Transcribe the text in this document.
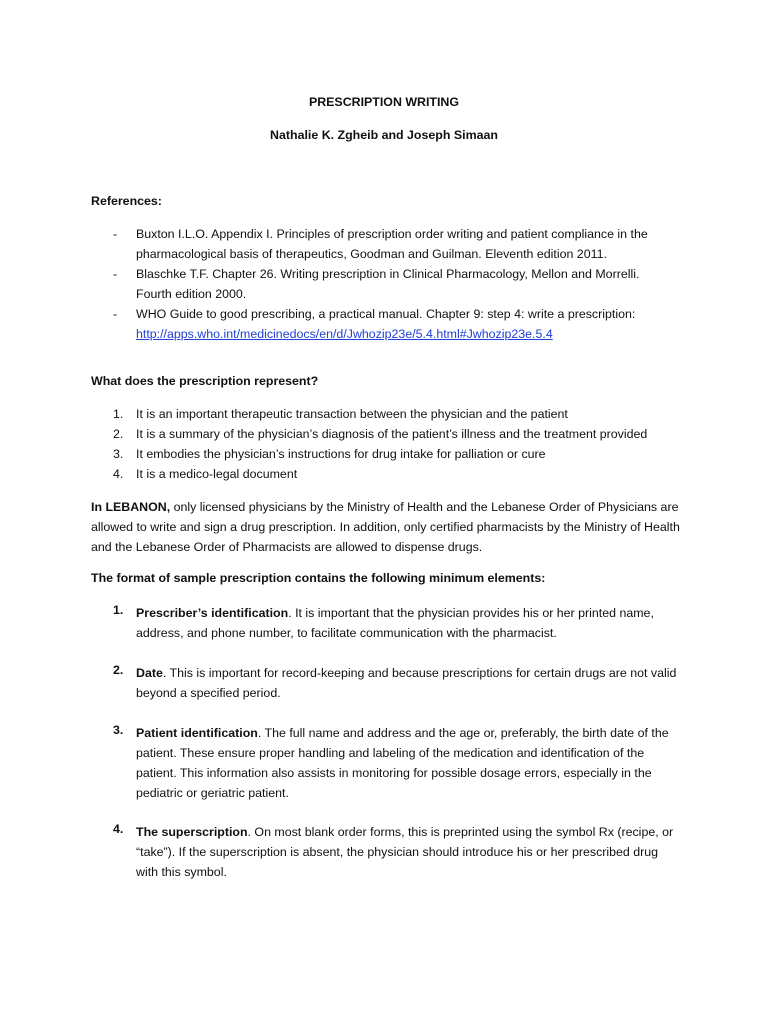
PRESCRIPTION WRITING
Nathalie K. Zgheib and Joseph Simaan
References:
- Buxton I.L.O. Appendix I. Principles of prescription order writing and patient compliance in the pharmacological basis of therapeutics, Goodman and Guilman. Eleventh edition 2011.
- Blaschke T.F. Chapter 26. Writing prescription in Clinical Pharmacology, Mellon and Morrelli. Fourth edition 2000.
- WHO Guide to good prescribing, a practical manual. Chapter 9: step 4: write a prescription:
http://apps.who.int/medicinedocs/en/d/Jwhozip23e/5.4.html#Jwhozip23e.5.4
What does the prescription represent?
1. It is an important therapeutic transaction between the physician and the patient
2. It is a summary of the physician’s diagnosis of the patient’s illness and the treatment provided
3. It embodies the physician’s instructions for drug intake for palliation or cure
4. It is a medico-legal document
In LEBANON, only licensed physicians by the Ministry of Health and the Lebanese Order of Physicians are allowed to write and sign a drug prescription. In addition, only certified pharmacists by the Ministry of Health and the Lebanese Order of Pharmacists are allowed to dispense drugs.
The format of sample prescription contains the following minimum elements:
1. Prescriber’s identification. It is important that the physician provides his or her printed name, address, and phone number, to facilitate communication with the pharmacist.
2. Date. This is important for record-keeping and because prescriptions for certain drugs are not valid beyond a specified period.
3. Patient identification. The full name and address and the age or, preferably, the birth date of the patient. These ensure proper handling and labeling of the medication and identification of the patient. This information also assists in monitoring for possible dosage errors, especially in the pediatric or geriatric patient.
4. The superscription. On most blank order forms, this is preprinted using the symbol Rx (recipe, or “take”). If the superscription is absent, the physician should introduce his or her prescribed drug with this symbol.
